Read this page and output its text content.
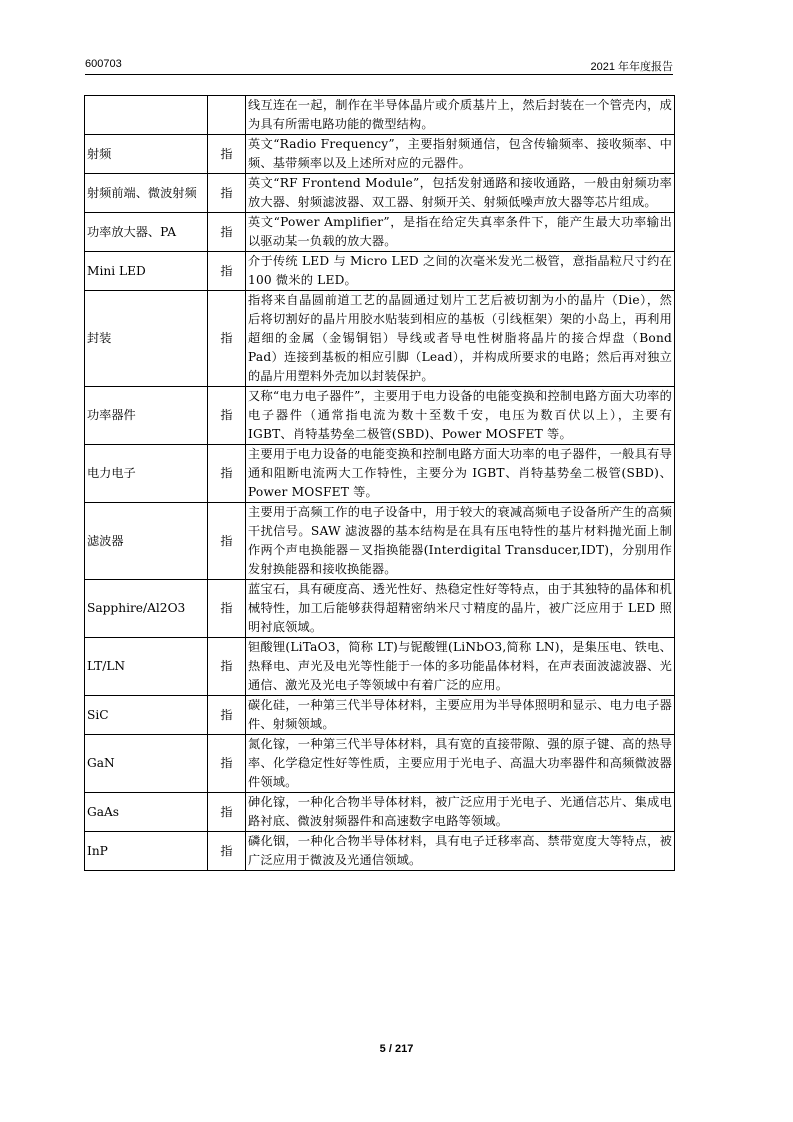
600703	2021 年年度报告
		线互连在一起，制作在半导体晶片或介质基片上，然后封装在一个管壳内，成为具有所需电路功能的微型结构。
射频	指	英文“Radio Frequency”，主要指射频通信，包含传输频率、接收频率、中频、基带频率以及上述所对应的元器件。
射频前端、微波射频	指	英文“RF Frontend Module”，包括发射通路和接收通路，一般由射频功率放大器、射频滤波器、双工器、射频开关、射频低噪声放大器等芯片组成。
功率放大器、PA	指	英文“Power Amplifier”，是指在给定失真率条件下，能产生最大功率输出以驱动某一负载的放大器。
Mini LED	指	介于传统 LED 与 Micro LED 之间的次毫米发光二极管，意指晶粒尺寸约在 100 微米的 LED。
封装	指	指将来自晶圆前道工艺的晶圆通过划片工艺后被切割为小的晶片（Die），然后将切割好的晶片用胶水贴装到相应的基板（引线框架）架的小岛上，再利用超细的金属（金锡铜铝）导线或者导电性树脂将晶片的接合焊盘（Bond Pad）连接到基板的相应引脚（Lead），并构成所要求的电路；然后再对独立的晶片用塑料外壳加以封装保护。
功率器件	指	又称“电力电子器件”，主要用于电力设备的电能变换和控制电路方面大功率的电子器件（通常指电流为数十至数千安，电压为数百伏以上），主要有 IGBT、肖特基势垒二极管(SBD)、Power MOSFET 等。
电力电子	指	主要用于电力设备的电能变换和控制电路方面大功率的电子器件，一般具有导通和阻断电流两大工作特性，主要分为 IGBT、肖特基势垒二极管(SBD)、Power MOSFET 等。
滤波器	指	主要用于高频工作的电子设备中，用于较大的衰减高频电子设备所产生的高频干扰信号。SAW 滤波器的基本结构是在具有压电特性的基片材料抛光面上制作两个声电换能器－叉指换能器(Interdigital Transducer,IDT)，分别用作发射换能器和接收换能器。
Sapphire/Al2O3	指	蓝宝石，具有硬度高、透光性好、热稳定性好等特点，由于其独特的晶体和机械特性，加工后能够获得超精密纳米尺寸精度的晶片，被广泛应用于 LED 照明衬底领域。
LT/LN	指	钽酸锂(LiTaO3，简称 LT)与铌酸锂(LiNbO3,简称 LN)，是集压电、铁电、热释电、声光及电光等性能于一体的多功能晶体材料，在声表面波滤波器、光通信、激光及光电子等领域中有着广泛的应用。
SiC	指	碳化硅，一种第三代半导体材料，主要应用为半导体照明和显示、电力电子器件、射频领域。
GaN	指	氮化镓，一种第三代半导体材料，具有宽的直接带隙、强的原子键、高的热导率、化学稳定性好等性质，主要应用于光电子、高温大功率器件和高频微波器件领域。
GaAs	指	砷化镓，一种化合物半导体材料，被广泛应用于光电子、光通信芯片、集成电路衬底、微波射频器件和高速数字电路等领域。
InP	指	磷化铟，一种化合物半导体材料，具有电子迁移率高、禁带宽度大等特点，被广泛应用于微波及光通信领域。
5 / 217
